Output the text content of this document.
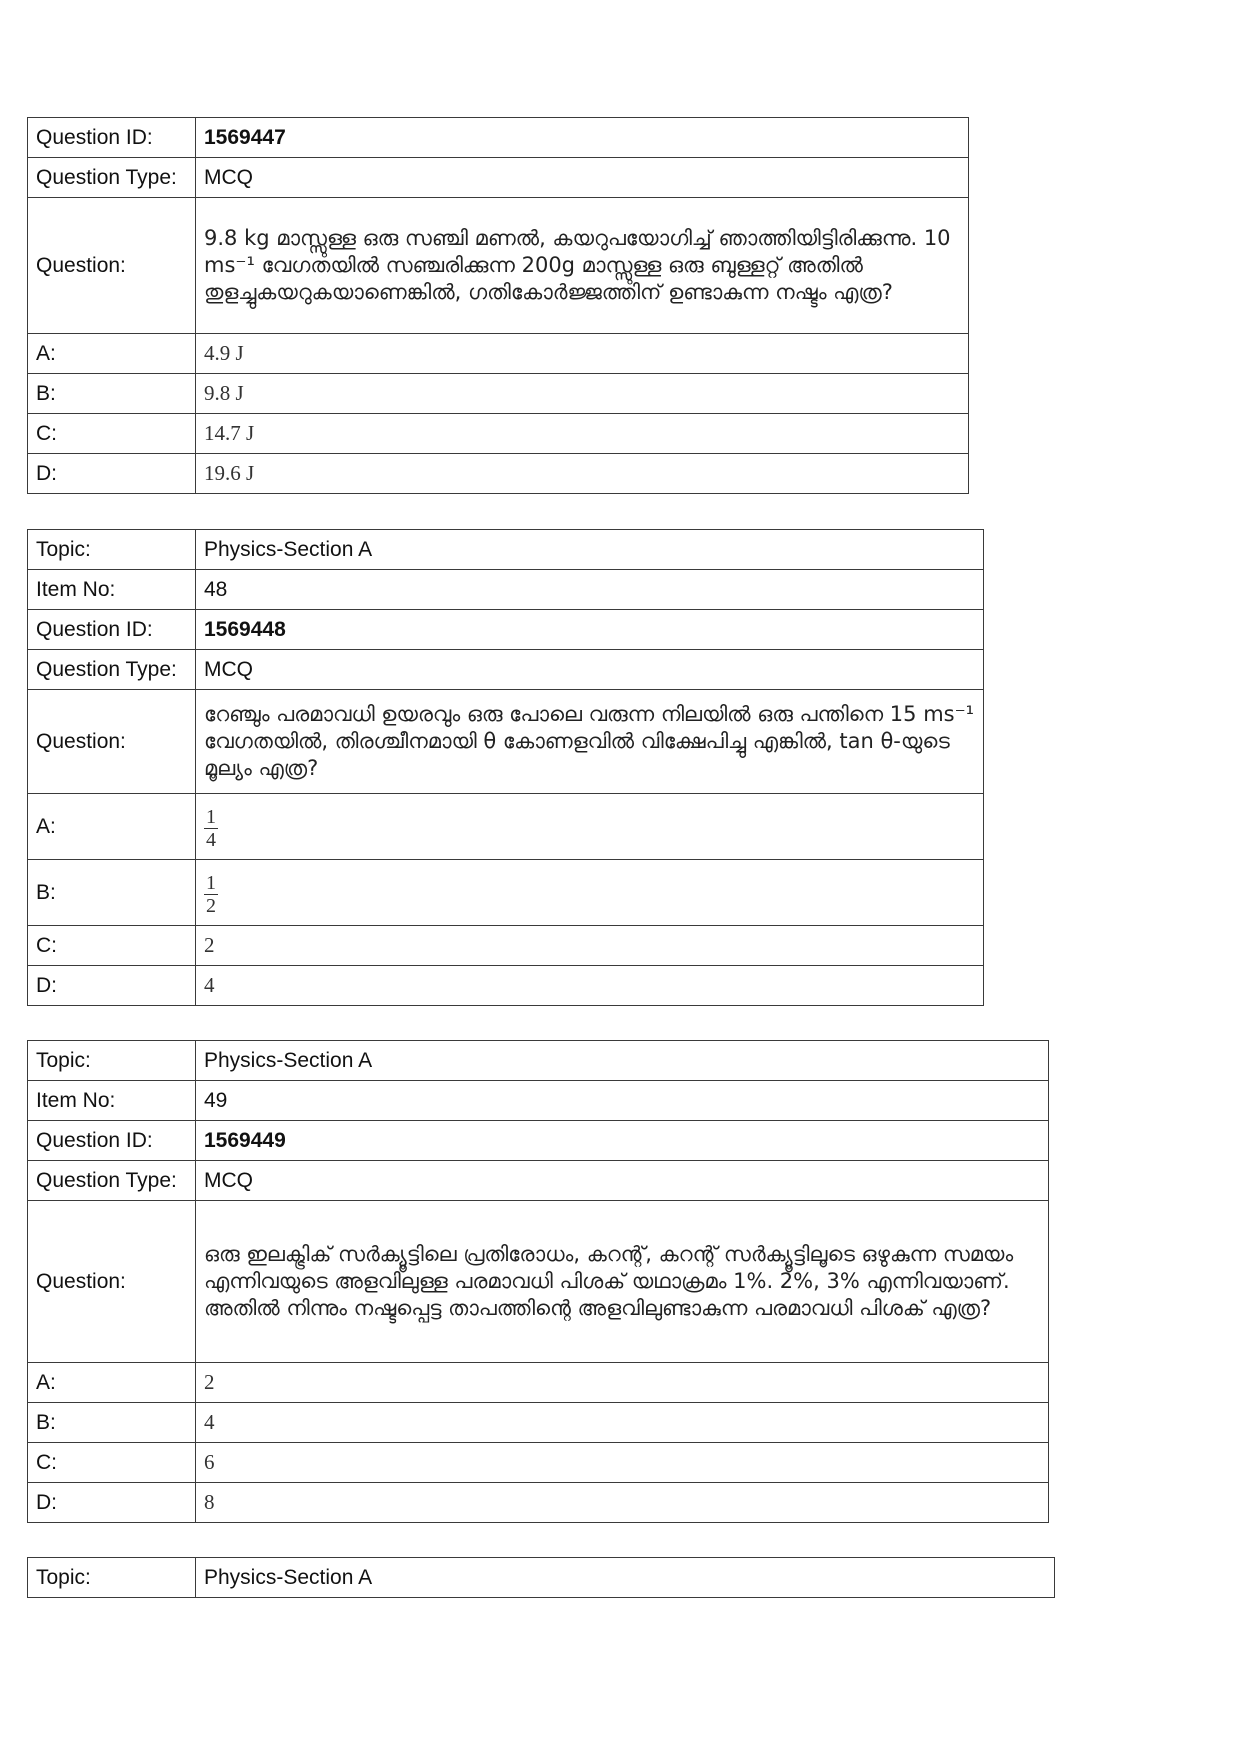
Question ID:	1569447
Question Type:	MCQ
Question:	9.8 kg മാസ്സുള്ള ഒരു സഞ്ചി മണൽ, കയറുപയോഗിച്ച് ഞാത്തിയിട്ടിരിക്കുന്നു. 10 ms⁻¹ വേഗതയിൽ സഞ്ചരിക്കുന്ന 200g മാസ്സുള്ള ഒരു ബുള്ളറ്റ് അതിൽ തുളച്ചുകയറുകയാണെങ്കിൽ, ഗതികോർജ്ജത്തിന് ഉണ്ടാകുന്ന നഷ്ടം എത്ര?
A:	4.9 J
B:	9.8 J
C:	14.7 J
D:	19.6 J
Topic:	Physics-Section A
Item No:	48
Question ID:	1569448
Question Type:	MCQ
Question:	റേഞ്ചും പരമാവധി ഉയരവും ഒരു പോലെ വരുന്ന നിലയിൽ ഒരു പന്തിനെ 15 ms⁻¹ വേഗതയിൽ, തിരശ്ചീനമായി θ കോണളവിൽ വിക്ഷേപിച്ചു എങ്കിൽ, tan θ-യുടെ മൂല്യം എത്ര?
A:	$\frac{1}{4}$

B:	$\frac{1}{2}$

C:	2
D:	4
Topic:	Physics-Section A
Item No:	49
Question ID:	1569449
Question Type:	MCQ
Question:	ഒരു ഇലക്ട്രിക് സർക്യൂട്ടിലെ പ്രതിരോധം, കറന്റ്, കറന്റ് സർക്യൂട്ടിലൂടെ ഒഴുകുന്ന സമയം എന്നിവയുടെ അളവിലുള്ള പരമാവധി പിശക് യഥാക്രമം 1%. 2%, 3% എന്നിവയാണ്. അതിൽ നിന്നും നഷ്ടപ്പെട്ട താപത്തിന്റെ അളവിലുണ്ടാകുന്ന പരമാവധി പിശക് എത്ര?
A:	2
B:	4
C:	6
D:	8
Topic:	Physics-Section A
